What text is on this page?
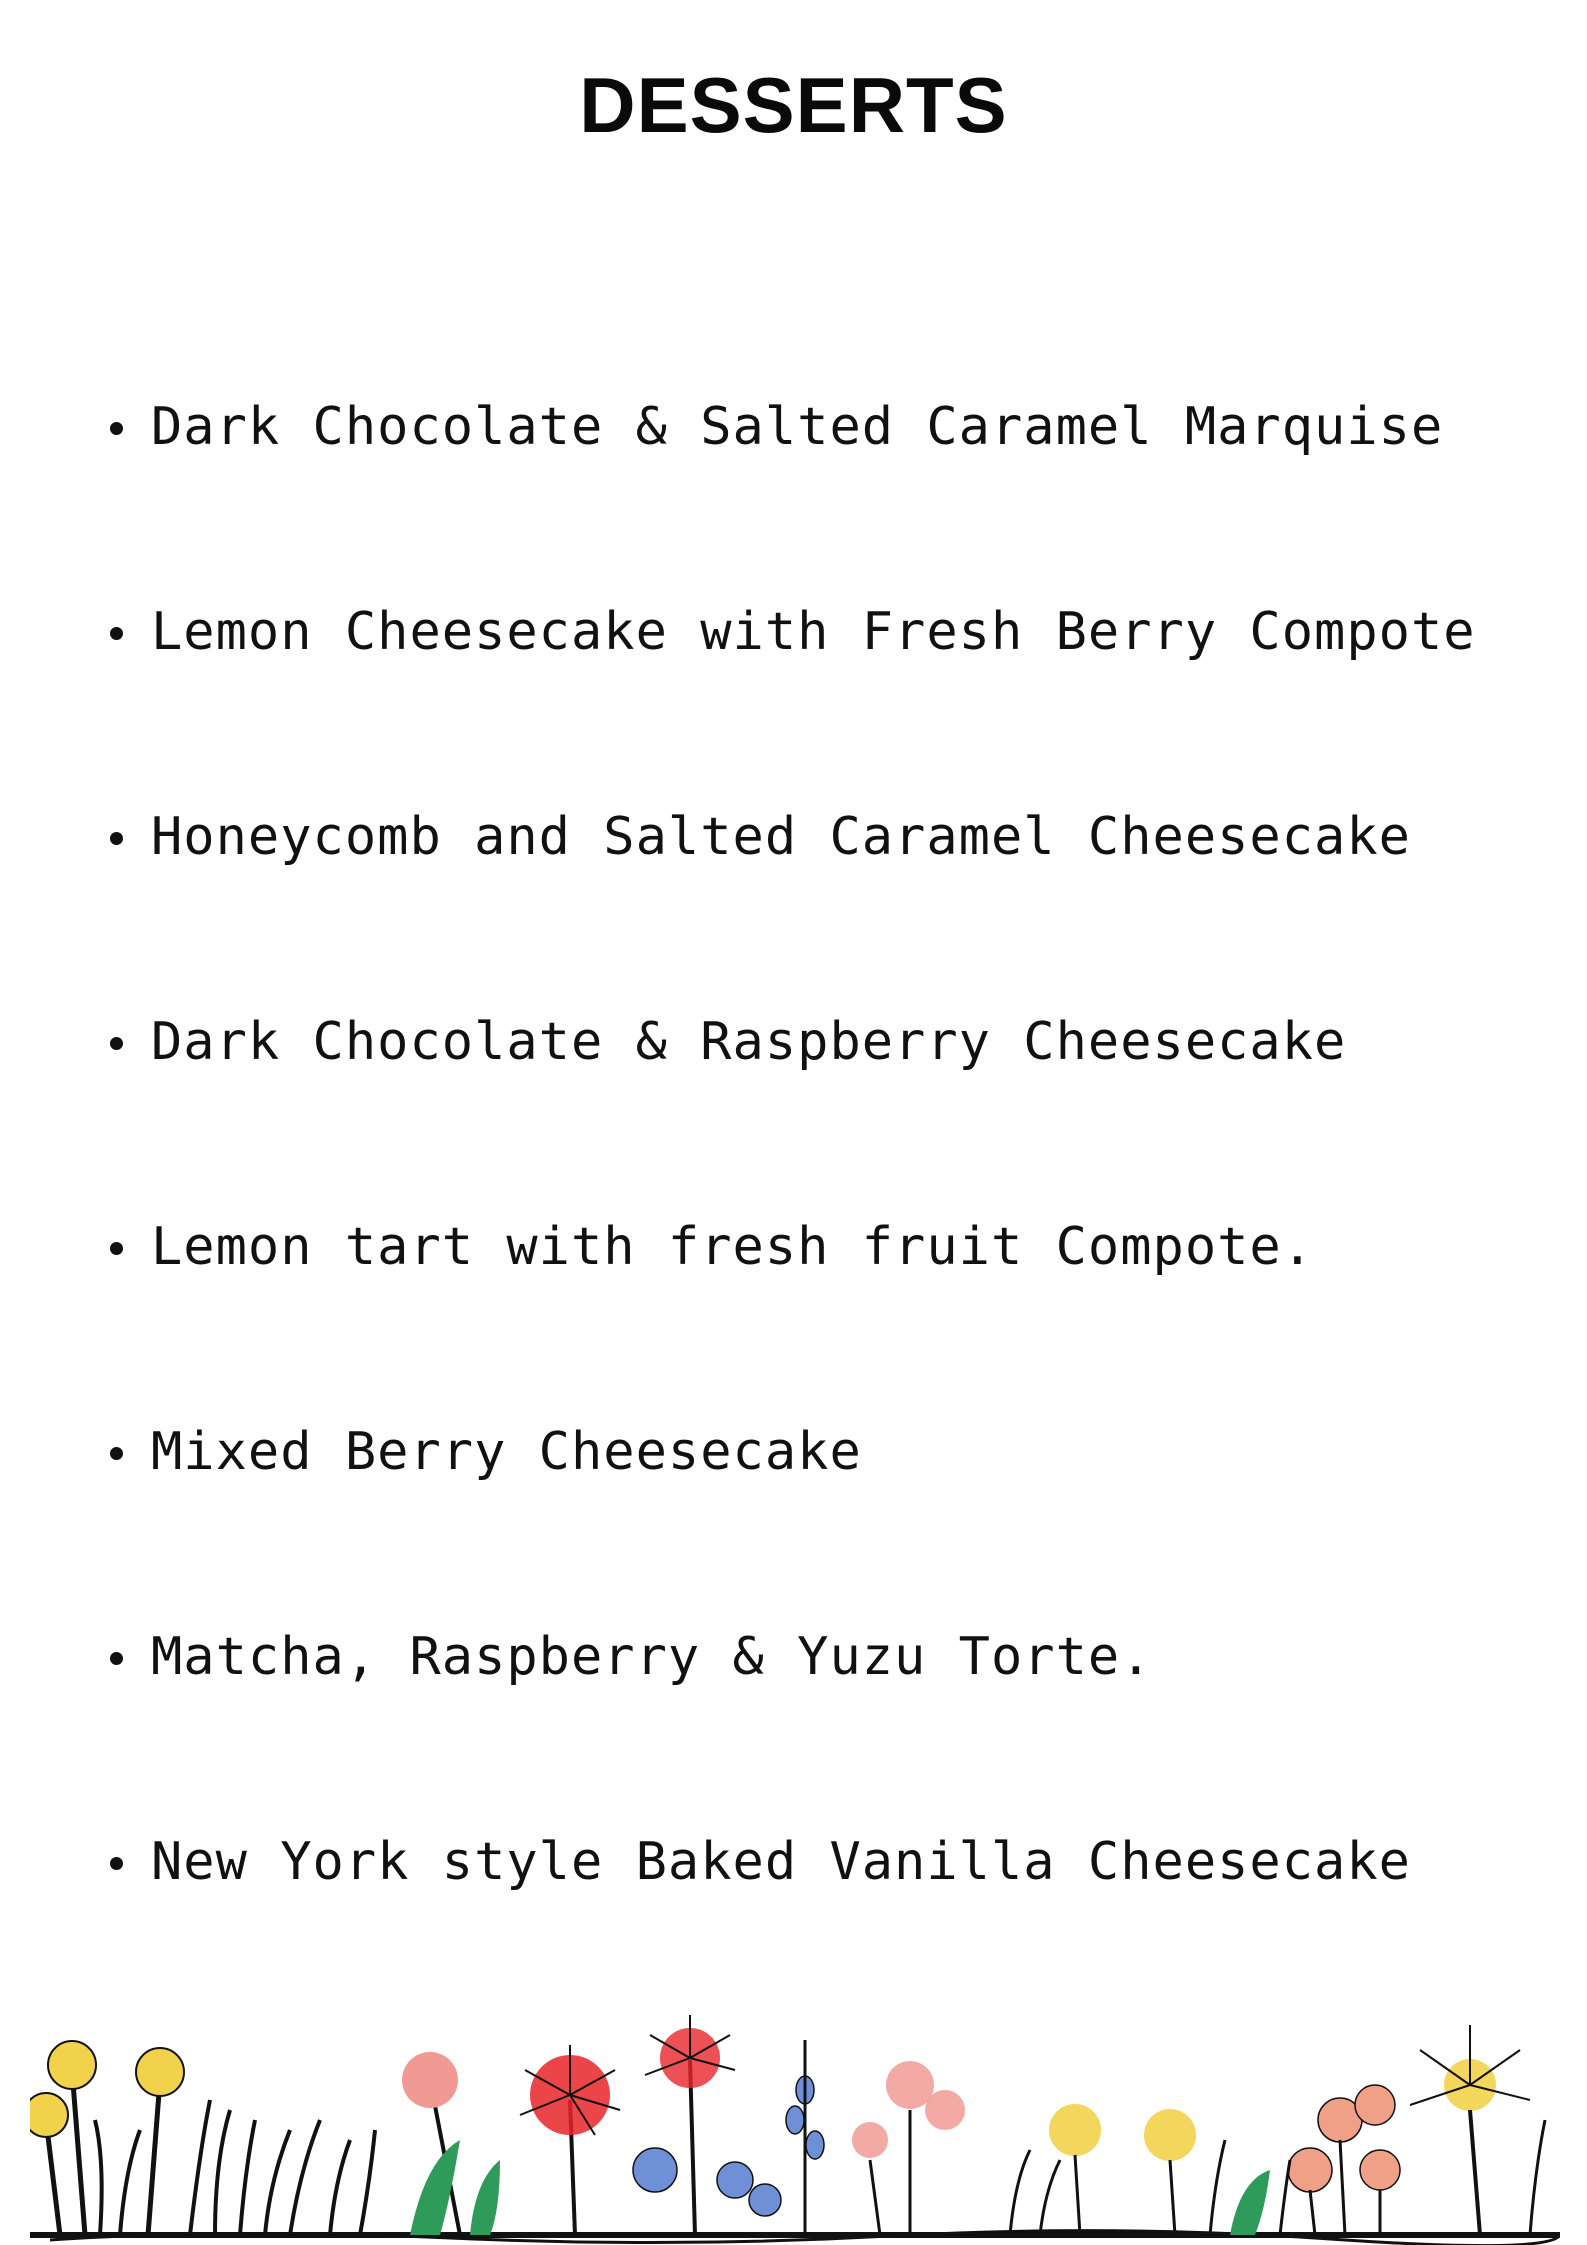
DESSERTS
Dark Chocolate & Salted Caramel Marquise
Lemon Cheesecake with Fresh Berry Compote
Honeycomb and Salted Caramel Cheesecake
Dark Chocolate & Raspberry Cheesecake
Lemon tart with fresh fruit Compote.
Mixed Berry Cheesecake
Matcha, Raspberry & Yuzu Torte.
New York style Baked Vanilla Cheesecake
